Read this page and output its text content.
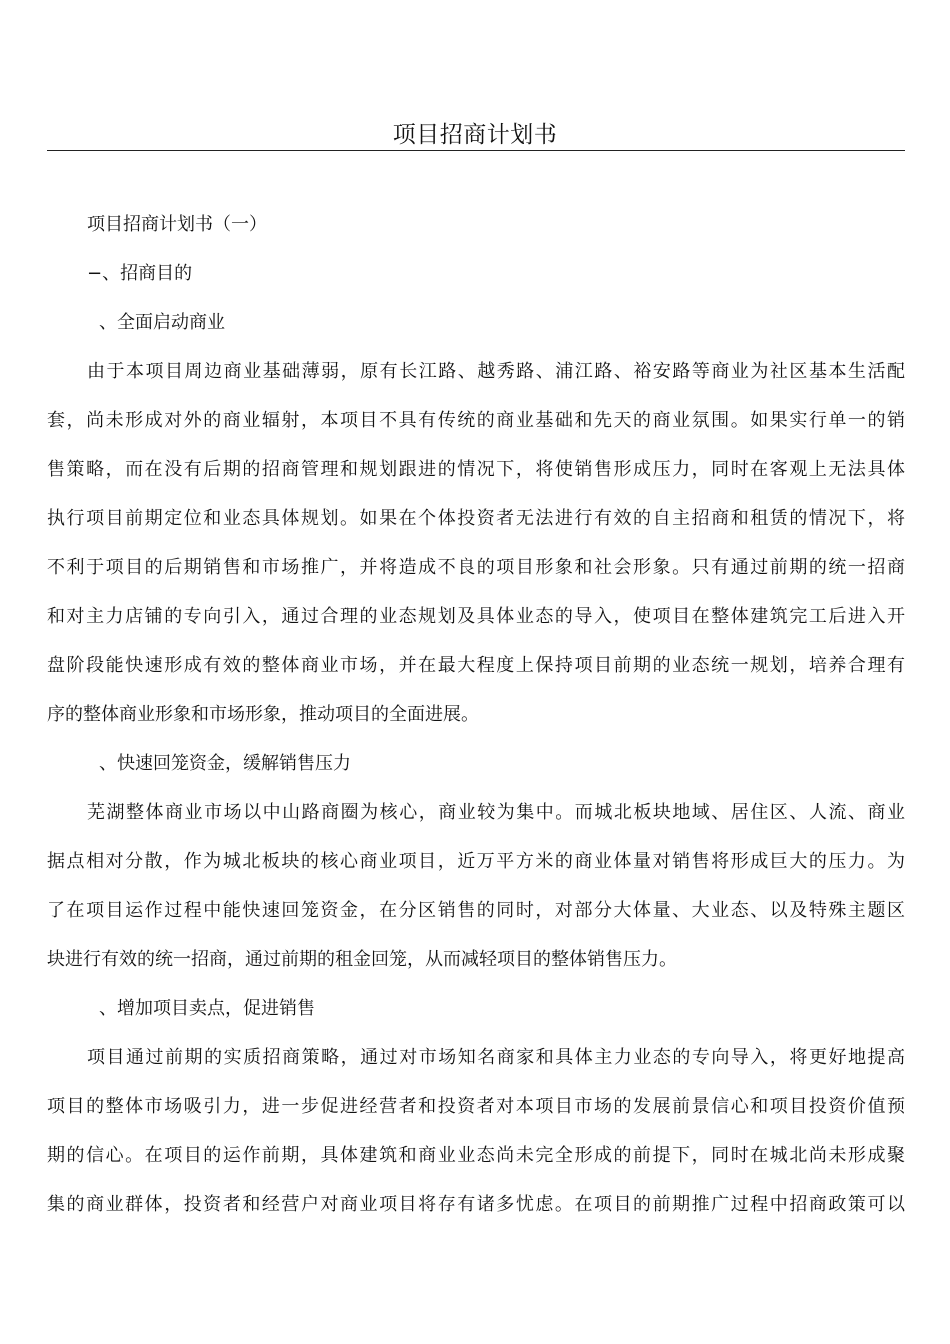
项目招商计划书

项目招商计划书（一）

−、招商目的

、全面启动商业

由于本项目周边商业基础薄弱，原有长江路、越秀路、浦江路、裕安路等商业为社区基本生活配

套，尚未形成对外的商业辐射，本项目不具有传统的商业基础和先天的商业氛围。如果实行单一的销

售策略，而在没有后期的招商管理和规划跟进的情况下，将使销售形成压力，同时在客观上无法具体

执行项目前期定位和业态具体规划。如果在个体投资者无法进行有效的自主招商和租赁的情况下，将

不利于项目的后期销售和市场推广，并将造成不良的项目形象和社会形象。只有通过前期的统一招商

和对主力店铺的专向引入，通过合理的业态规划及具体业态的导入，使项目在整体建筑完工后进入开

盘阶段能快速形成有效的整体商业市场，并在最大程度上保持项目前期的业态统一规划，培养合理有

序的整体商业形象和市场形象，推动项目的全面进展。

、快速回笼资金，缓解销售压力

芜湖整体商业市场以中山路商圈为核心，商业较为集中。而城北板块地域、居住区、人流、商业

据点相对分散，作为城北板块的核心商业项目，近万平方米的商业体量对销售将形成巨大的压力。为

了在项目运作过程中能快速回笼资金，在分区销售的同时，对部分大体量、大业态、以及特殊主题区

块进行有效的统一招商，通过前期的租金回笼，从而减轻项目的整体销售压力。

、增加项目卖点，促进销售

项目通过前期的实质招商策略，通过对市场知名商家和具体主力业态的专向导入，将更好地提高

项目的整体市场吸引力，进一步促进经营者和投资者对本项目市场的发展前景信心和项目投资价值预

期的信心。在项目的运作前期，具体建筑和商业业态尚未完全形成的前提下，同时在城北尚未形成聚

集的商业群体，投资者和经营户对商业项目将存有诸多忧虑。在项目的前期推广过程中招商政策可以
